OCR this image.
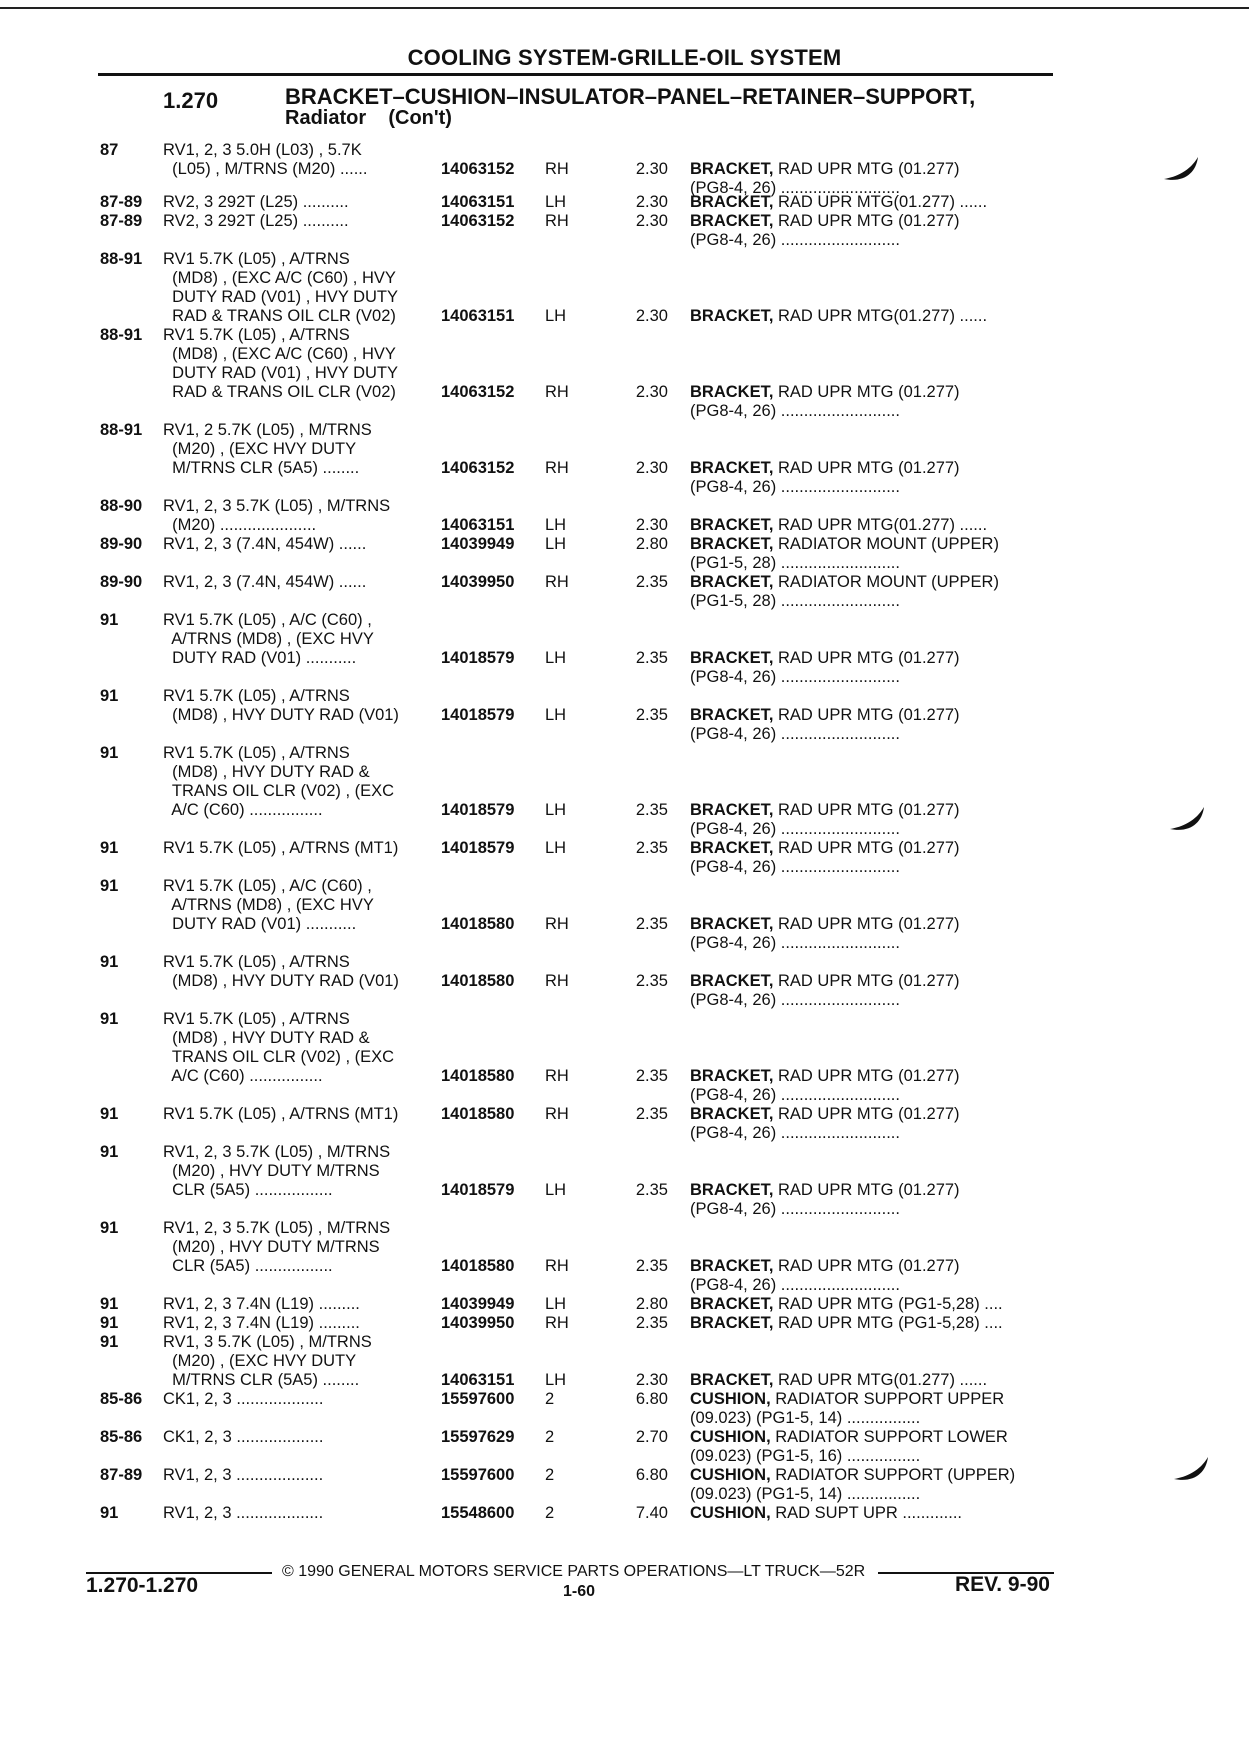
COOLING SYSTEM-GRILLE-OIL SYSTEM
1.270	BRACKET–CUSHION–INSULATOR–PANEL–RETAINER–SUPPORT,
Radiator    (Con't)
87	RV1, 2, 3 5.0H (L03) , 5.7K
(L05) , M/TRNS (M20) ......	14063152 RH	2.30 BRACKET, RAD UPR MTG (01.277)
(PG8-4, 26) ..........................
87-89 RV2, 3 292T (L25) ..........	14063151 LH	2.30 BRACKET, RAD UPR MTG(01.277) ......
87-89 RV2, 3 292T (L25) ..........	14063152 RH	2.30 BRACKET, RAD UPR MTG (01.277)
(PG8-4, 26) ..........................
88-91 RV1 5.7K (L05) , A/TRNS
(MD8) , (EXC A/C (C60) , HVY
DUTY RAD (V01) , HVY DUTY
RAD & TRANS OIL CLR (V02)	14063151 LH	2.30 BRACKET, RAD UPR MTG(01.277) ......
88-91 RV1 5.7K (L05) , A/TRNS
(MD8) , (EXC A/C (C60) , HVY
DUTY RAD (V01) , HVY DUTY
RAD & TRANS OIL CLR (V02)	14063152 RH	2.30 BRACKET, RAD UPR MTG (01.277)
(PG8-4, 26) ..........................
88-91 RV1, 2 5.7K (L05) , M/TRNS
(M20) , (EXC HVY DUTY
M/TRNS CLR (5A5) ........	14063152 RH	2.30 BRACKET, RAD UPR MTG (01.277)
(PG8-4, 26) ..........................
88-90 RV1, 2, 3 5.7K (L05) , M/TRNS
(M20) .....................	14063151 LH	2.30 BRACKET, RAD UPR MTG(01.277) ......
89-90 RV1, 2, 3 (7.4N, 454W) ......	14039949 LH	2.80 BRACKET, RADIATOR MOUNT (UPPER)
(PG1-5, 28) ..........................
89-90 RV1, 2, 3 (7.4N, 454W) ......	14039950 RH	2.35 BRACKET, RADIATOR MOUNT (UPPER)
(PG1-5, 28) ..........................
91	RV1 5.7K (L05) , A/C (C60) ,
A/TRNS (MD8) , (EXC HVY
DUTY RAD (V01) ...........	14018579 LH	2.35 BRACKET, RAD UPR MTG (01.277)
(PG8-4, 26) ..........................
91	RV1 5.7K (L05) , A/TRNS
(MD8) , HVY DUTY RAD (V01)	14018579 LH	2.35 BRACKET, RAD UPR MTG (01.277)
(PG8-4, 26) ..........................
91	RV1 5.7K (L05) , A/TRNS
(MD8) , HVY DUTY RAD &
TRANS OIL CLR (V02) , (EXC
A/C (C60) ................	14018579 LH	2.35 BRACKET, RAD UPR MTG (01.277)
(PG8-4, 26) ..........................
91	RV1 5.7K (L05) , A/TRNS (MT1)	14018579 LH	2.35 BRACKET, RAD UPR MTG (01.277)
(PG8-4, 26) ..........................
91	RV1 5.7K (L05) , A/C (C60) ,
A/TRNS (MD8) , (EXC HVY
DUTY RAD (V01) ...........	14018580 RH	2.35 BRACKET, RAD UPR MTG (01.277)
(PG8-4, 26) ..........................
91	RV1 5.7K (L05) , A/TRNS
(MD8) , HVY DUTY RAD (V01)	14018580 RH	2.35 BRACKET, RAD UPR MTG (01.277)
(PG8-4, 26) ..........................
91	RV1 5.7K (L05) , A/TRNS
(MD8) , HVY DUTY RAD &
TRANS OIL CLR (V02) , (EXC
A/C (C60) ................	14018580 RH	2.35 BRACKET, RAD UPR MTG (01.277)
(PG8-4, 26) ..........................
91	RV1 5.7K (L05) , A/TRNS (MT1)	14018580 RH	2.35 BRACKET, RAD UPR MTG (01.277)
(PG8-4, 26) ..........................
91	RV1, 2, 3 5.7K (L05) , M/TRNS
(M20) , HVY DUTY M/TRNS
CLR (5A5) .................	14018579 LH	2.35 BRACKET, RAD UPR MTG (01.277)
(PG8-4, 26) ..........................
91	RV1, 2, 3 5.7K (L05) , M/TRNS
(M20) , HVY DUTY M/TRNS
CLR (5A5) .................	14018580 RH	2.35 BRACKET, RAD UPR MTG (01.277)
(PG8-4, 26) ..........................
91	RV1, 2, 3 7.4N (L19) .........	14039949 LH	2.80 BRACKET, RAD UPR MTG (PG1-5,28) ....
91	RV1, 2, 3 7.4N (L19) .........	14039950 RH	2.35 BRACKET, RAD UPR MTG (PG1-5,28) ....
91	RV1, 3 5.7K (L05) , M/TRNS
(M20) , (EXC HVY DUTY
M/TRNS CLR (5A5) ........	14063151 LH	2.30 BRACKET, RAD UPR MTG(01.277) ......
85-86 CK1, 2, 3 ...................	15597600 2	6.80 CUSHION, RADIATOR SUPPORT UPPER
(09.023) (PG1-5, 14) ................
85-86 CK1, 2, 3 ...................	15597629 2	2.70 CUSHION, RADIATOR SUPPORT LOWER
(09.023) (PG1-5, 16) ................
87-89 RV1, 2, 3 ...................	15597600 2	6.80 CUSHION, RADIATOR SUPPORT (UPPER)
(09.023) (PG1-5, 14) ................
91	RV1, 2, 3 ...................	15548600 2	7.40 CUSHION, RAD SUPT UPR .............
© 1990 GENERAL MOTORS SERVICE PARTS OPERATIONS—LT TRUCK—52R
1.270-1.270	1-60	REV. 9-90
